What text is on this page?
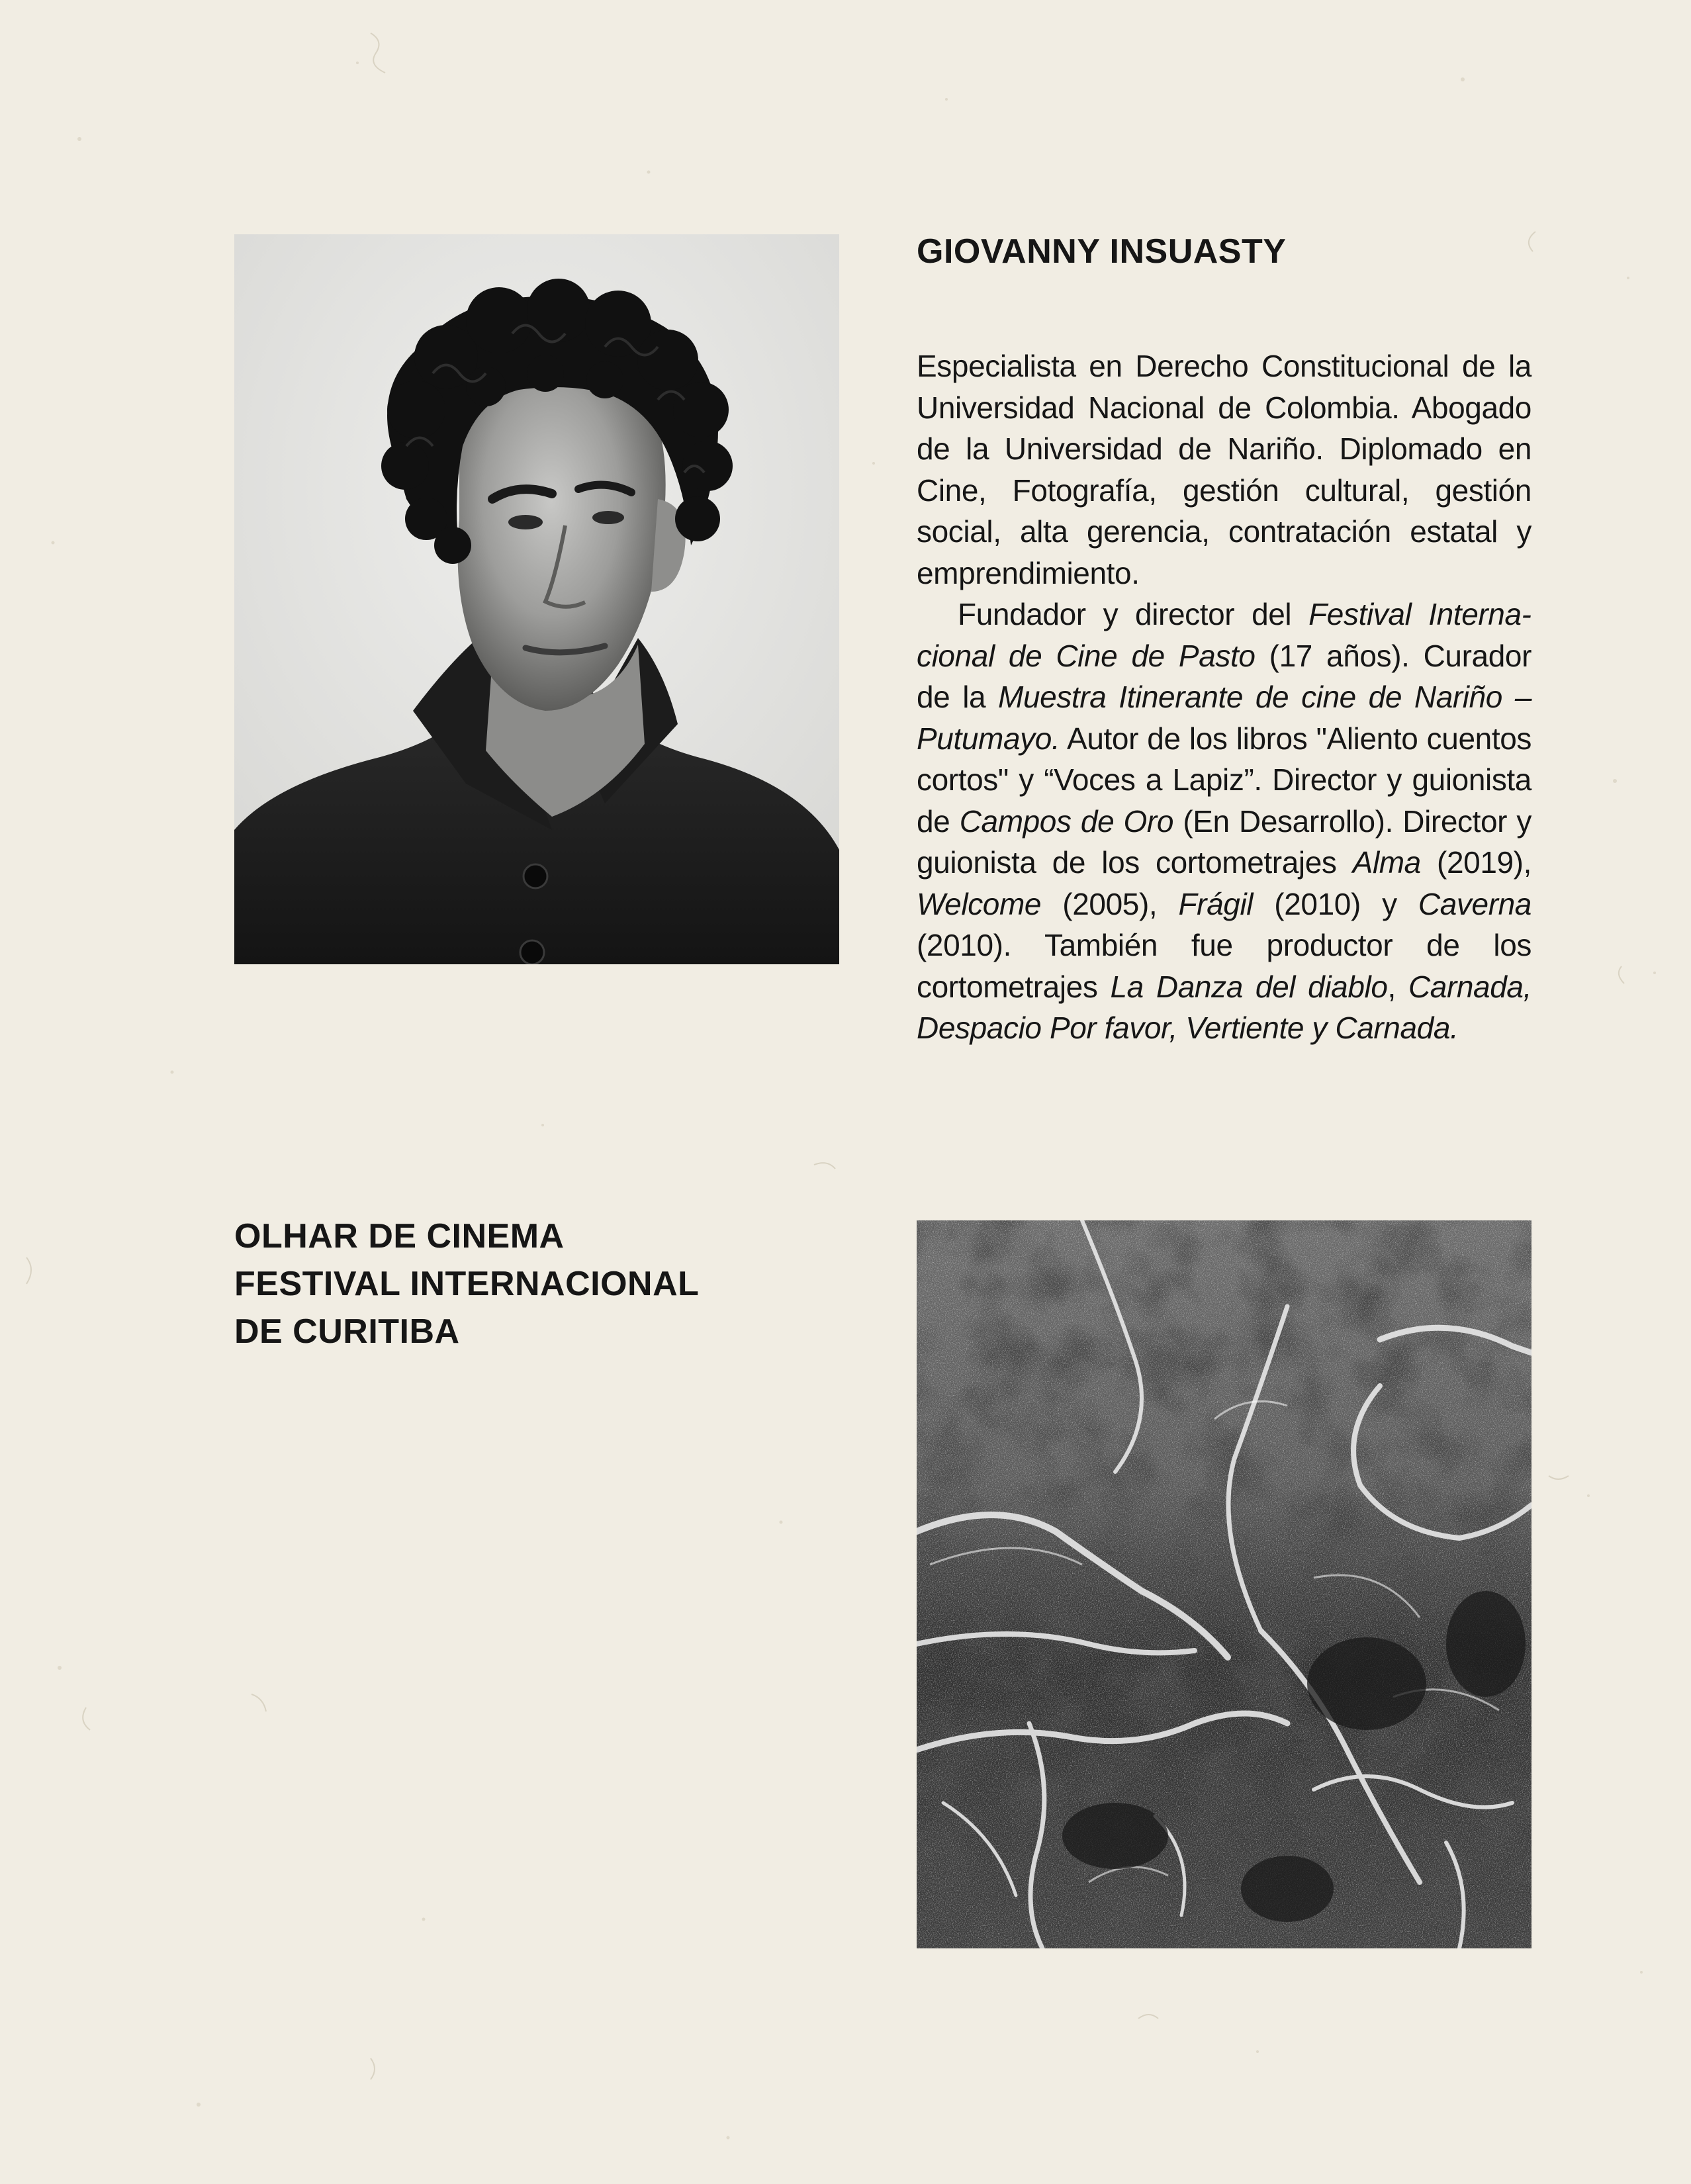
GIOVANNY INSUASTY

Especialista en Derecho Constitucional de la Universidad Nacional de Colombia. Abogado de la Universidad de Nariño. Diplomado en Cine, Fotografía, gestión cultural, gestión social, alta gerencia, contratación estatal y emprendimiento.

Fundador y director del Festival Internacional de Cine de Pasto (17 años). Curador de la Muestra Itinerante de cine de Nariño – Putumayo. Autor de los libros "Aliento cuentos cortos" y “Voces a Lapiz”. Director y guionista de Campos de Oro (En Desarrollo). Director y guionista de los cortometrajes Alma (2019), Welcome (2005), Frágil (2010) y Caverna (2010). También fue productor de los cortometrajes La Danza del diablo, Carnada, Despacio Por favor, Vertiente y Carnada.

OLHAR DE CINEMA
FESTIVAL INTERNACIONAL
DE CURITIBA
